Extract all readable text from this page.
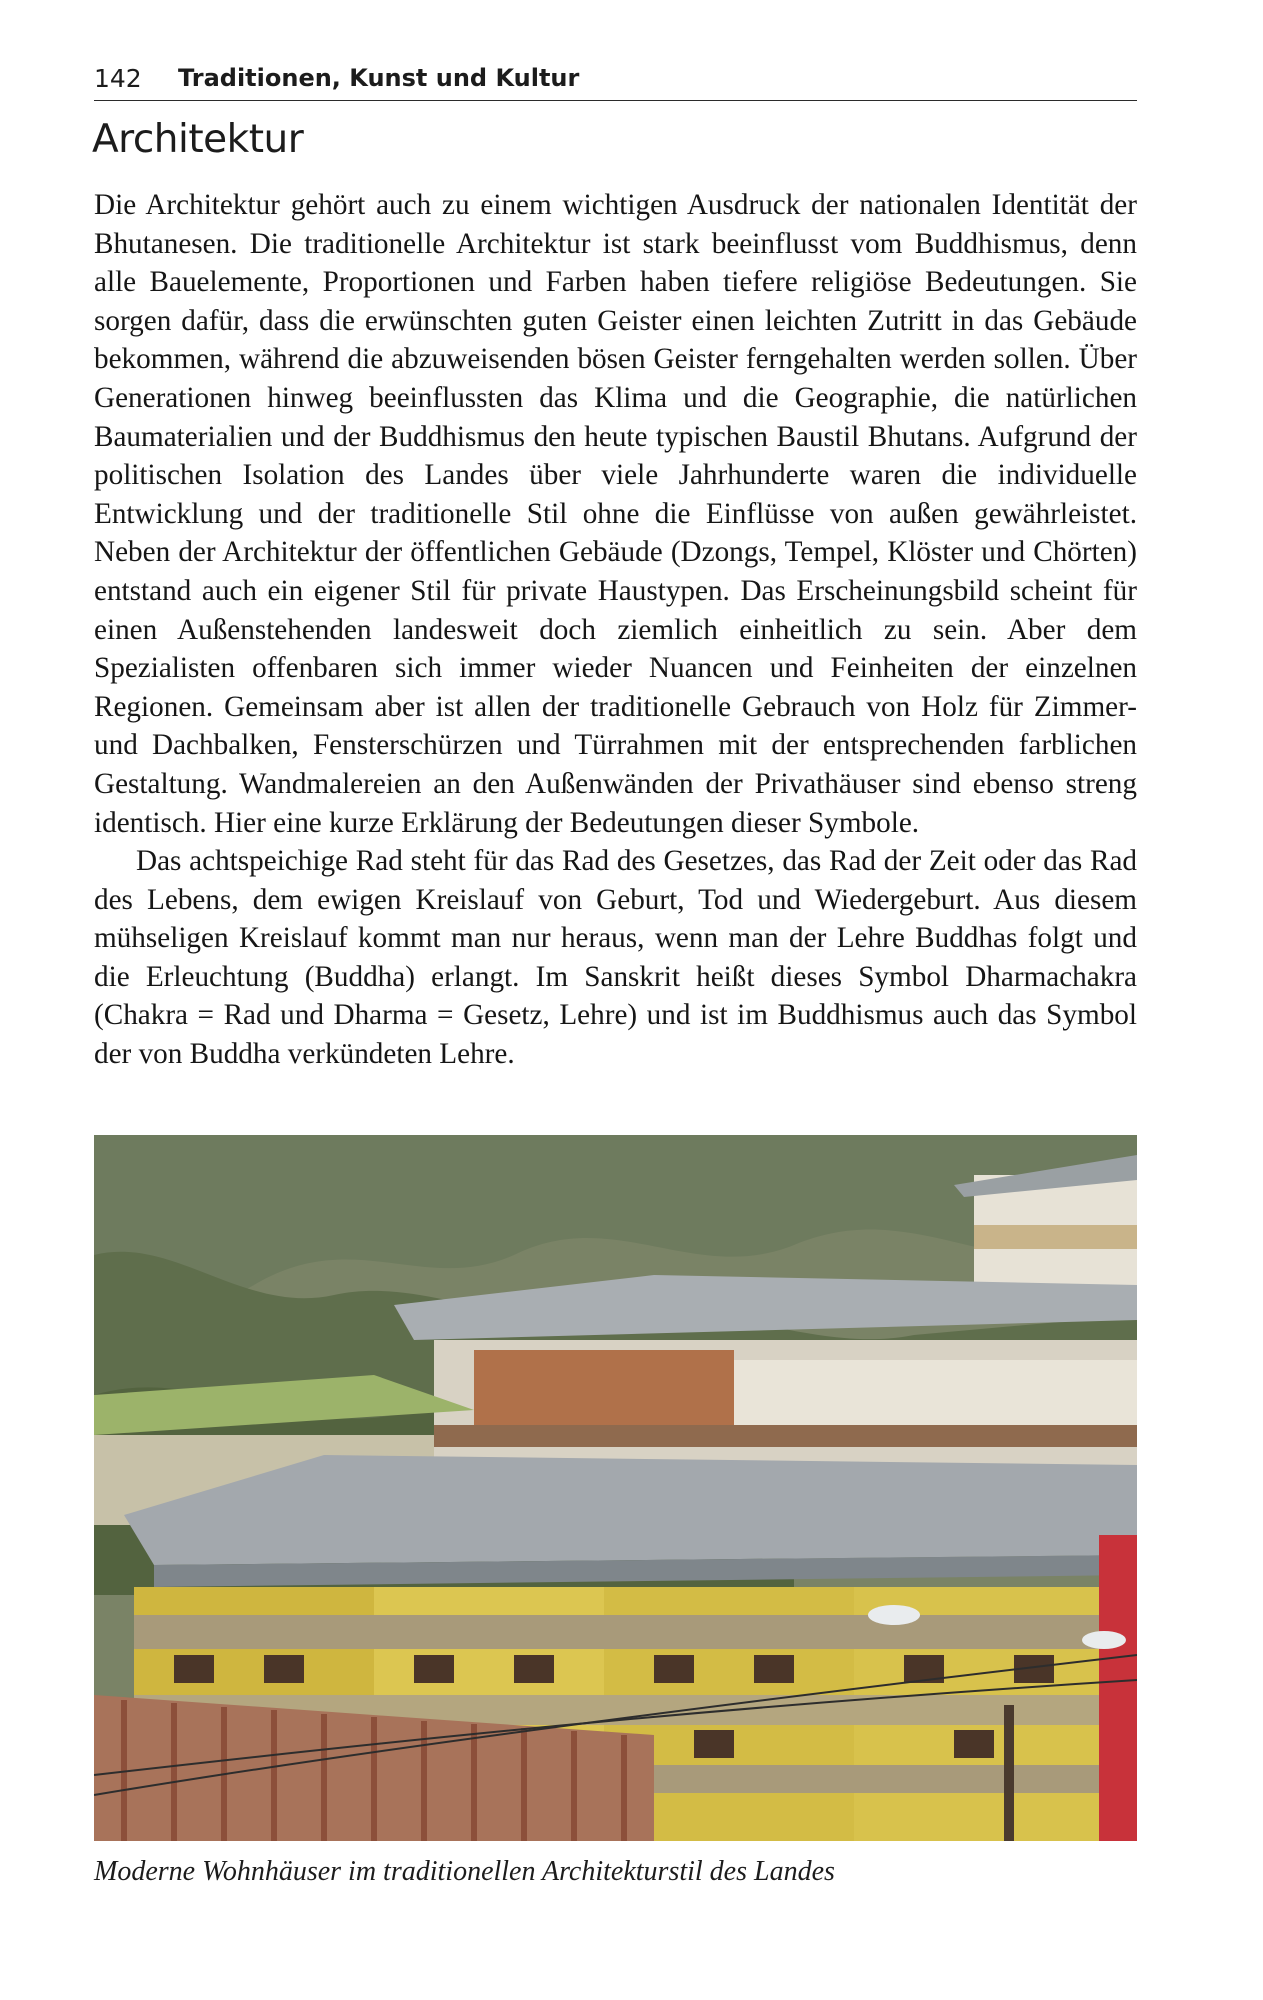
142 Traditionen, Kunst und Kultur
Architektur

Die Architektur gehört auch zu einem wichtigen Ausdruck der nationalen Identität der Bhutanesen. Die traditionelle Architektur ist stark beeinflusst vom Buddhismus, denn alle Bauelemente, Proportionen und Farben haben tiefere religiöse Bedeutungen. Sie sorgen dafür, dass die erwünschten guten Geister einen leichten Zutritt in das Gebäude bekommen, während die abzuweisenden bösen Geister ferngehalten werden sollen. Über Generationen hinweg beeinflussten das Klima und die Geographie, die natürlichen Baumaterialien und der Buddhismus den heute typischen Baustil Bhutans. Aufgrund der politischen Isolation des Landes über viele Jahrhunderte waren die individuelle Entwicklung und der traditionelle Stil ohne die Einflüsse von außen gewährleistet. Neben der Architektur der öffentlichen Gebäude (Dzongs, Tempel, Klöster und Chörten) entstand auch ein eigener Stil für private Haustypen. Das Erscheinungsbild scheint für einen Außenstehenden landesweit doch ziemlich einheitlich zu sein. Aber dem Spezialisten offenbaren sich immer wieder Nuancen und Feinheiten der einzelnen Regionen. Gemeinsam aber ist allen der traditionelle Gebrauch von Holz für Zimmer- und Dachbalken, Fensterschürzen und Türrahmen mit der entsprechenden farblichen Gestaltung. Wandmalereien an den Außenwänden der Privathäuser sind ebenso streng identisch. Hier eine kurze Erklärung der Bedeutungen dieser Symbole.

Das achtspeichige Rad steht für das Rad des Gesetzes, das Rad der Zeit oder das Rad des Lebens, dem ewigen Kreislauf von Geburt, Tod und Wiedergeburt. Aus diesem mühseligen Kreislauf kommt man nur heraus, wenn man der Lehre Buddhas folgt und die Erleuchtung (Buddha) erlangt. Im Sanskrit heißt dieses Symbol Dharmachakra (Chakra = Rad und Dharma = Gesetz, Lehre) und ist im Buddhismus auch das Symbol der von Buddha verkündeten Lehre.

Moderne Wohnhäuser im traditionellen Architekturstil des Landes
